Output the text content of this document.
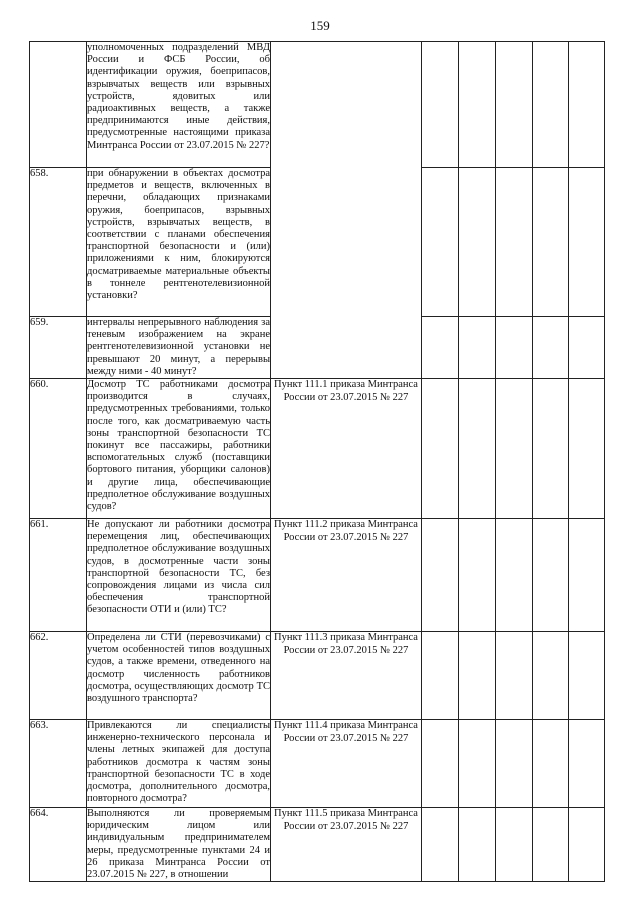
159
	уполномоченных подразделений МВД России и ФСБ России, об идентификации оружия, боеприпасов, взрывчатых веществ или взрывных устройств, ядовитых или радиоактивных веществ, а также предпринимаются иные действия, предусмотренные настоящими приказа Минтранса России от 23.07.2015 № 227?	

658.	при обнаружении в объектах досмотра предметов и веществ, включенных в перечни, обладающих признаками оружия, боеприпасов, взрывных устройств, взрывчатых веществ, в соответствии с планами обеспечения транспортной безопасности и (или) приложениями к ним, блокируются досматриваемые материальные объекты в тоннеле рентгенотелевизионной установки?						
659.	интервалы непрерывного наблюдения за теневым изображением на экране рентгенотелевизионной установки не превышают 20 минут, а перерывы между ними - 40 минут?						
660.	Досмотр ТС работниками досмотра производится в случаях, предусмотренных требованиями, только после того, как досматриваемую часть зоны транспортной безопасности ТС покинут все пассажиры, работники вспомогательных служб (поставщики бортового питания, уборщики салонов) и другие лица, обеспечивающие предполетное обслуживание воздушных судов?	Пункт 111.1 приказа Минтранса России от 23.07.2015 № 227					

661.	Не допускают ли работники досмотра перемещения лиц, обеспечивающих предполетное обслуживание воздушных судов, в досмотренные части зоны транспортной безопасности ТС, без сопровождения лицами из числа сил обеспечения транспортной безопасности ОТИ и (или) ТС?	Пункт 111.2 приказа Минтранса России от 23.07.2015 № 227					

662.	Определена ли СТИ (перевозчиками) с учетом особенностей типов воздушных судов, а также времени, отведенного на досмотр численность работников досмотра, осуществляющих досмотр ТС воздушного транспорта?	Пункт 111.3 приказа Минтранса России от 23.07.2015 № 227					

663.	Привлекаются ли специалисты инженерно-технического персонала и члены летных экипажей для доступа работников досмотра к частям зоны транспортной безопасности ТС в ходе досмотра, дополнительного досмотра, повторного досмотра?	Пункт 111.4 приказа Минтранса России от 23.07.2015 № 227					

664.	Выполняются ли проверяемым юридическим лицом или индивидуальным предпринимателем меры, предусмотренные пунктами 24 и 26 приказа Минтранса России от 23.07.2015 № 227, в отношении	Пункт 111.5 приказа Минтранса России от 23.07.2015 № 227					
